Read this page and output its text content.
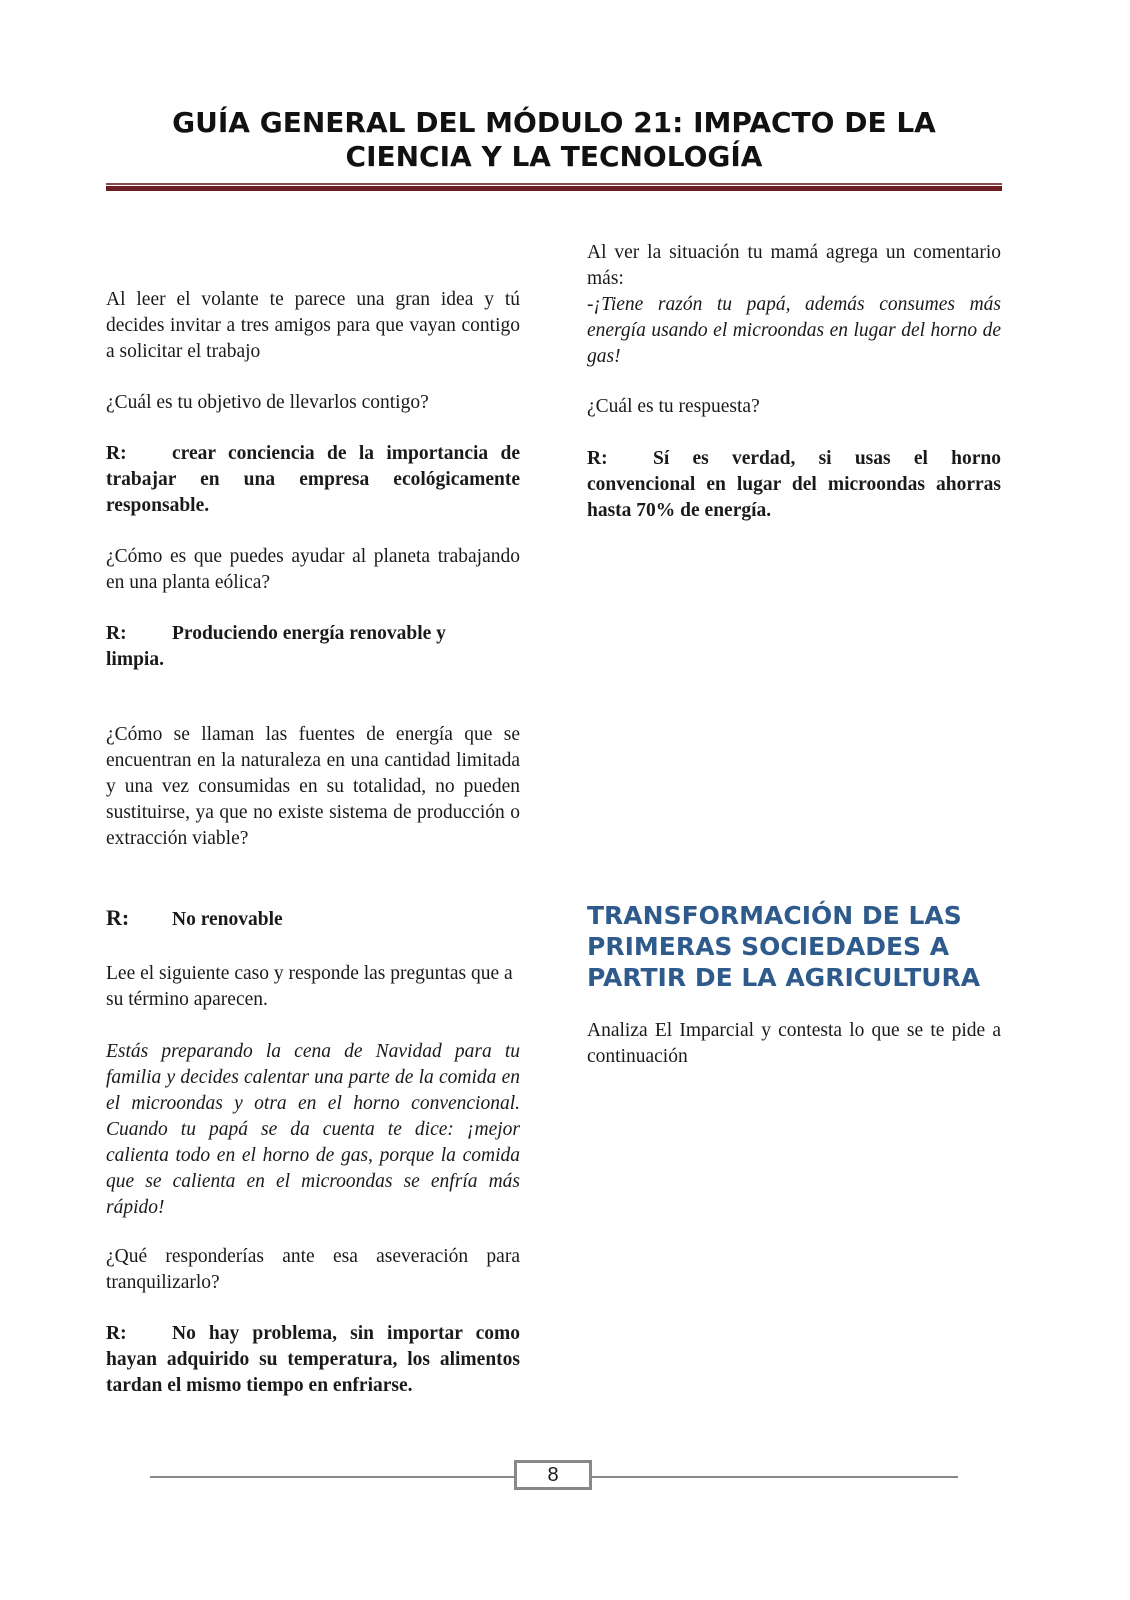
GUÍA GENERAL DEL MÓDULO 21: IMPACTO DE LA CIENCIA Y LA TECNOLOGÍA

Al leer el volante te parece una gran idea y tú decides invitar a tres amigos para que vayan contigo a solicitar el trabajo

¿Cuál es tu objetivo de llevarlos contigo?

R: crear conciencia de la importancia de trabajar en una empresa ecológicamente responsable.

¿Cómo es que puedes ayudar al planeta trabajando en una planta eólica?

R: Produciendo energía renovable y limpia.

¿Cómo se llaman las fuentes de energía que se encuentran en la naturaleza en una cantidad limitada y una vez consumidas en su totalidad, no pueden sustituirse, ya que no existe sistema de producción o extracción viable?

R: No renovable

Lee el siguiente caso y responde las preguntas que a su término aparecen.

Estás preparando la cena de Navidad para tu familia y decides calentar una parte de la comida en el microondas y otra en el horno convencional. Cuando tu papá se da cuenta te dice: ¡mejor calienta todo en el horno de gas, porque la comida que se calienta en el microondas se enfría más rápido!

¿Qué responderías ante esa aseveración para tranquilizarlo?

R: No hay problema, sin importar como hayan adquirido su temperatura, los alimentos tardan el mismo tiempo en enfriarse.

Al ver la situación tu mamá agrega un comentario más:

-¡Tiene razón tu papá, además consumes más energía usando el microondas en lugar del horno de gas!

¿Cuál es tu respuesta?

R: Sí es verdad, si usas el horno convencional en lugar del microondas ahorras hasta 70% de energía.

TRANSFORMACIÓN DE LAS PRIMERAS SOCIEDADES A PARTIR DE LA AGRICULTURA

Analiza El Imparcial y contesta lo que se te pide a continuación

8
